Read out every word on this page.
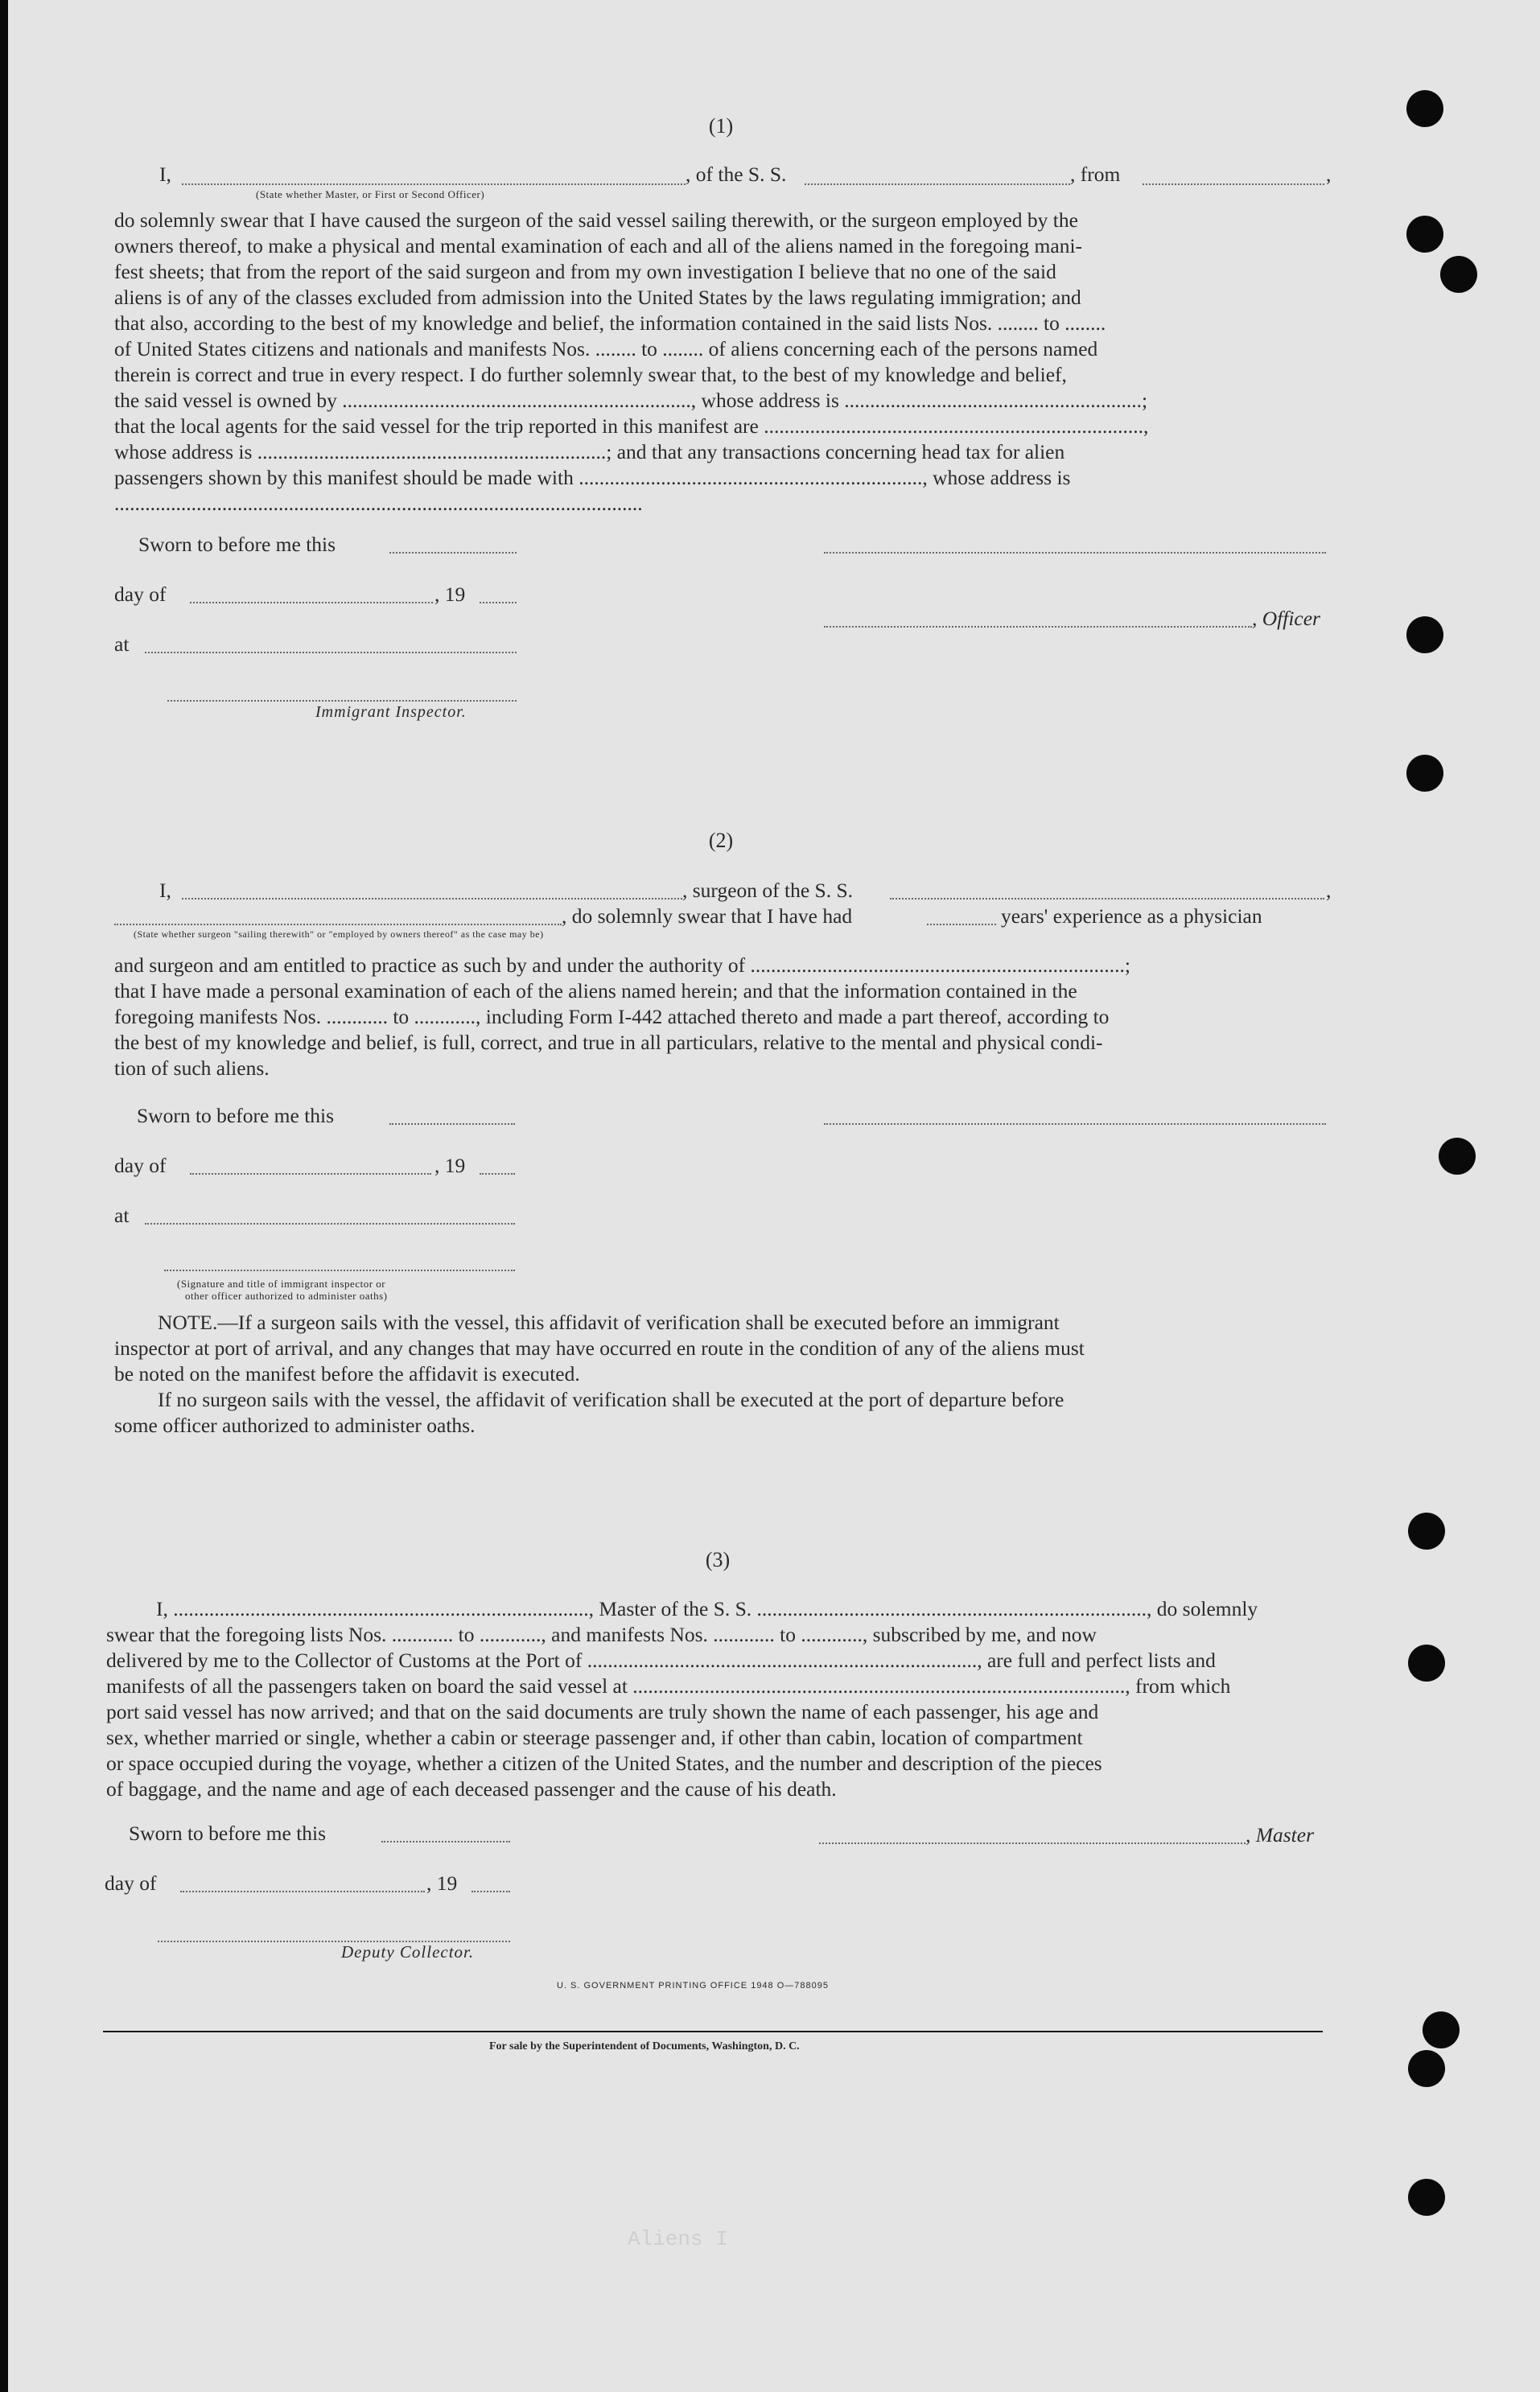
(1)
I,	, of the S. S.	, from	,
(State whether Master, or First or Second Officer)
do solemnly swear that I have caused the surgeon of the said vessel sailing therewith, or the surgeon employed by the
owners thereof, to make a physical and mental examination of each and all of the aliens named in the foregoing mani-
fest sheets; that from the report of the said surgeon and from my own investigation I believe that no one of the said
aliens is of any of the classes excluded from admission into the United States by the laws regulating immigration; and
that also, according to the best of my knowledge and belief, the information contained in the said lists Nos. ........ to ........
of United States citizens and nationals and manifests Nos. ........ to ........ of aliens concerning each of the persons named
therein is correct and true in every respect. I do further solemnly swear that, to the best of my knowledge and belief,
the said vessel is owned by ...................................................................., whose address is ..........................................................;
that the local agents for the said vessel for the trip reported in this manifest are ..........................................................................,
whose address is ....................................................................; and that any transactions concerning head tax for alien
passengers shown by this manifest should be made with ..................................................................., whose address is
.......................................................................................................
Sworn to before me this
day of	, 19
, Officer
at
Immigrant Inspector.
(2)
I,	, surgeon of the S. S.	,
, do solemnly swear that I have had	years' experience as a physician
(State whether surgeon "sailing therewith" or "employed by owners thereof" as the case may be)
and surgeon and am entitled to practice as such by and under the authority of .........................................................................;
that I have made a personal examination of each of the aliens named herein; and that the information contained in the
foregoing manifests Nos. ............ to ............, including Form I-442 attached thereto and made a part thereof, according to
the best of my knowledge and belief, is full, correct, and true in all particulars, relative to the mental and physical condi-
tion of such aliens.
Sworn to before me this
day of	, 19
at
(Signature and title of immigrant inspector or
other officer authorized to administer oaths)
NOTE.—If a surgeon sails with the vessel, this affidavit of verification shall be executed before an immigrant
inspector at port of arrival, and any changes that may have occurred en route in the condition of any of the aliens must
be noted on the manifest before the affidavit is executed.
If no surgeon sails with the vessel, the affidavit of verification shall be executed at the port of departure before
some officer authorized to administer oaths.
(3)
I, ................................................................................., Master of the S. S. ............................................................................, do solemnly
swear that the foregoing lists Nos. ............ to ............, and manifests Nos. ............ to ............, subscribed by me, and now
delivered by me to the Collector of Customs at the Port of ............................................................................, are full and perfect lists and
manifests of all the passengers taken on board the said vessel at ................................................................................................, from which
port said vessel has now arrived; and that on the said documents are truly shown the name of each passenger, his age and
sex, whether married or single, whether a cabin or steerage passenger and, if other than cabin, location of compartment
or space occupied during the voyage, whether a citizen of the United States, and the number and description of the pieces
of baggage, and the name and age of each deceased passenger and the cause of his death.
Sworn to before me this	, Master
day of	, 19
Deputy Collector.
U. S. GOVERNMENT PRINTING OFFICE 1948 O—788095
For sale by the Superintendent of Documents, Washington, D. C.
Aliens I
